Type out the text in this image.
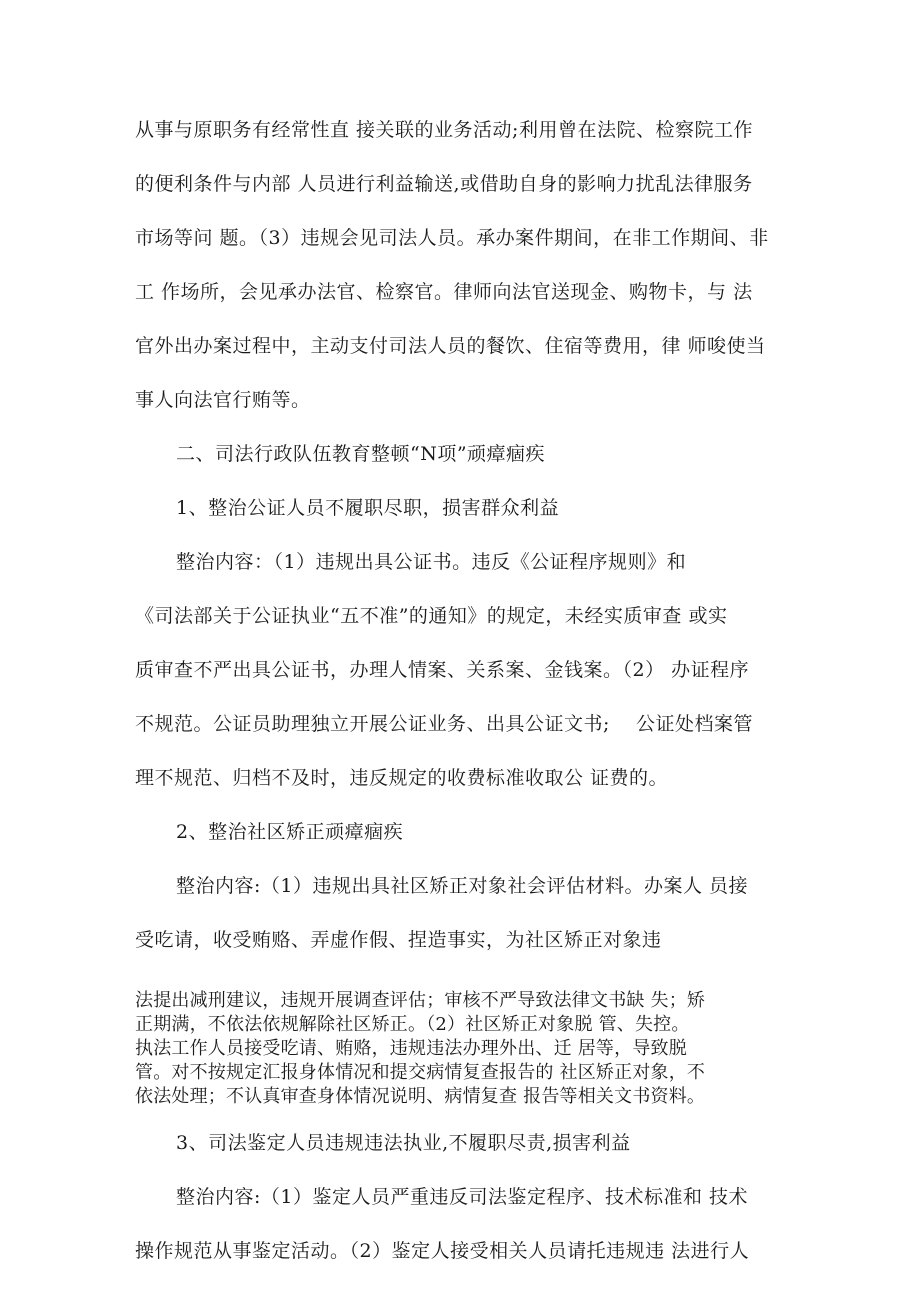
从事与原职务有经常性直 接关联的业务活动;利用曾在法院、检察院工作
的便利条件与内部 人员进行利益输送,或借助自身的影响力扰乱法律服务
市场等问 题。（3）违规会见司法人员。承办案件期间，在非工作期间、非
工 作场所，会见承办法官、检察官。律师向法官送现金、购物卡，与 法
官外出办案过程中，主动支付司法人员的餐饮、住宿等费用，律 师唆使当
事人向法官行贿等。
二、司法行政队伍教育整顿“N项”顽瘴痼疾
1、整治公证人员不履职尽职，损害群众利益
整治内容：（1）违规出具公证书。违反《公证程序规则》和
《司法部关于公证执业“五不准”的通知》的规定，未经实质审查 或实
质审查不严出具公证书，办理人情案、关系案、金钱案。（2） 办证程序
不规范。公证员助理独立开展公证业务、出具公证文书;　 公证处档案管
理不规范、归档不及时，违反规定的收费标准收取公 证费的。
2、整治社区矫正顽瘴痼疾
整治内容:（1）违规出具社区矫正对象社会评估材料。办案人 员接
受吃请，收受贿赂、弄虚作假、捏造事实，为社区矫正对象违
法提出减刑建议，违规开展调查评估；审核不严导致法律文书缺 失；矫
正期满，不依法依规解除社区矫正。（2）社区矫正对象脱 管、失控。
执法工作人员接受吃请、贿赂，违规违法办理外出、迁 居等，导致脱
管。对不按规定汇报身体情况和提交病情复查报告的 社区矫正对象，不
依法处理；不认真审查身体情况说明、病情复查 报告等相关文书资料。
3、司法鉴定人员违规违法执业,不履职尽责,损害利益
整治内容:（1）鉴定人员严重违反司法鉴定程序、技术标准和 技术
操作规范从事鉴定活动。（2）鉴定人接受相关人员请托违规违 法进行人
